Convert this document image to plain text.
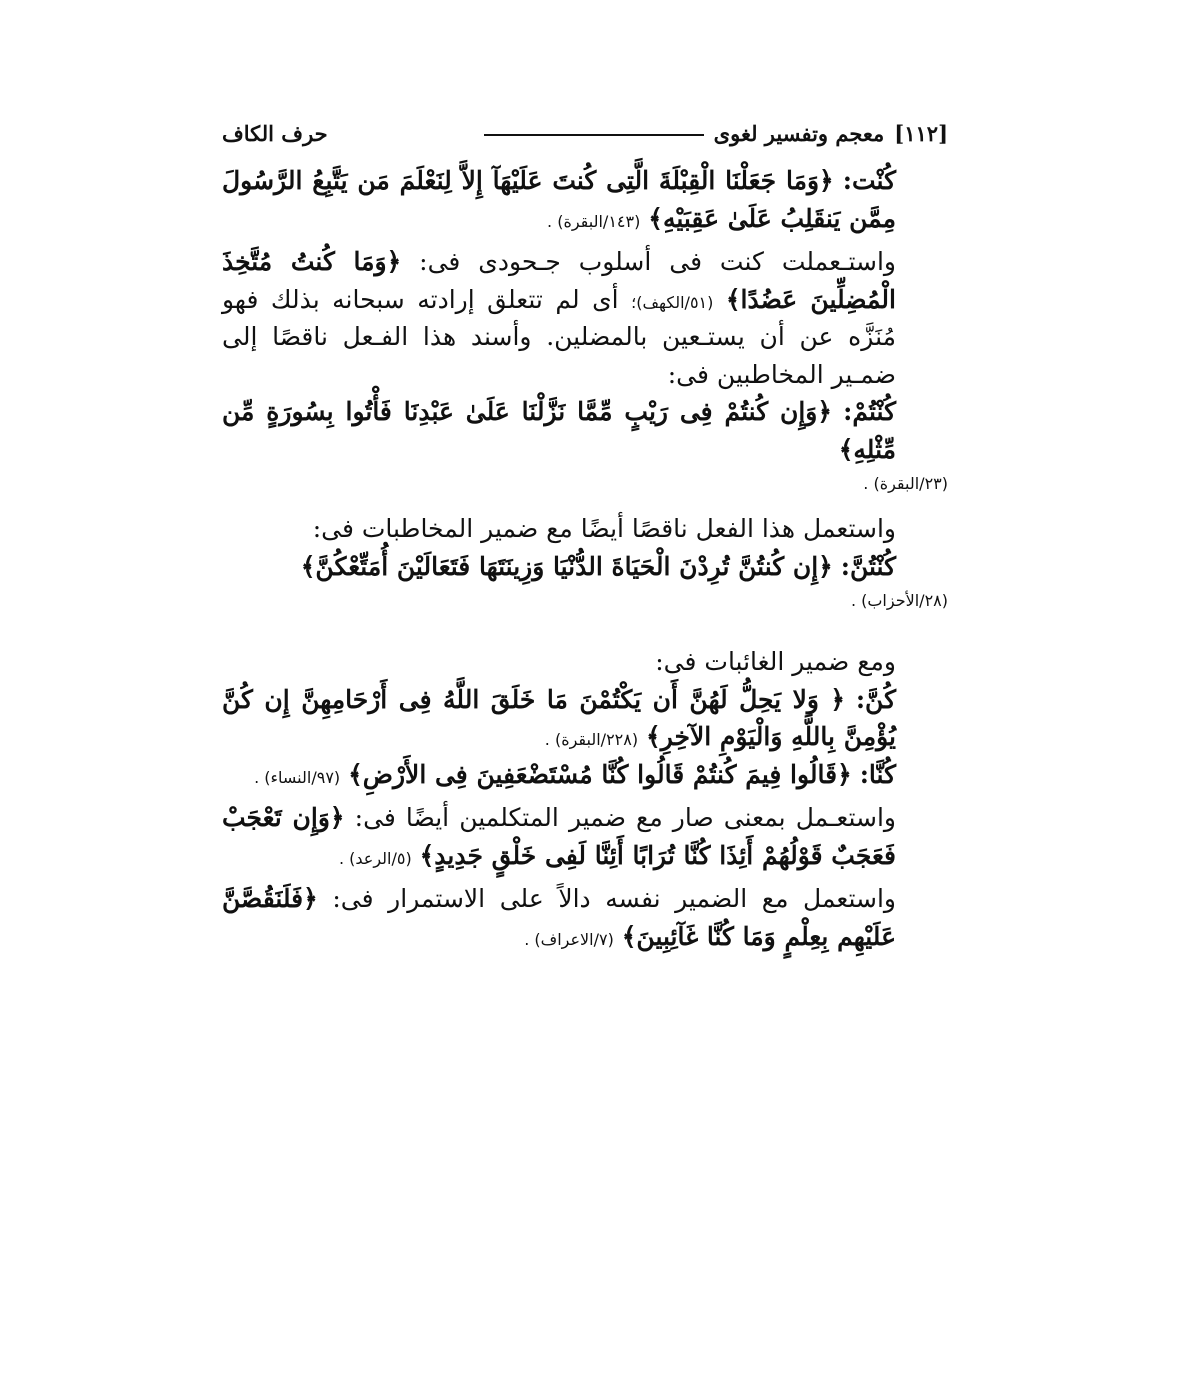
[١١٢]
معجم وتفسير لغوى
حرف الكاف

كُنْت: ﴿وَمَا جَعَلْنَا الْقِبْلَةَ الَّتِى كُنتَ عَلَيْهَآ إِلاَّ لِنَعْلَمَ مَن يَتَّبِعُ الرَّسُولَ مِمَّن يَنقَلِبُ عَلَىٰ عَقِبَيْهِ﴾ (١٤٣/البقرة) .

واستـعملت كنت فى أسلوب جـحودى فى: ﴿وَمَا كُنتُ مُتَّخِذَ الْمُضِلِّينَ عَضُدًا﴾ (٥١/الكهف)؛ أى لم تتعلق إرادته سبحانه بذلك فهو مُنَزَّه عن أن يستـعين بالمضلين. وأسند هذا الفـعل ناقصًا إلى ضمـير المخاطبين فى:

كُنْتُمْ: ﴿وَإِن كُنتُمْ فِى رَيْبٍ مِّمَّا نَزَّلْنَا عَلَىٰ عَبْدِنَا فَأْتُوا بِسُورَةٍ مِّن مِّثْلِهِ﴾

(٢٣/البقرة) .

واستعمل هذا الفعل ناقصًا أيضًا مع ضمير المخاطبات فى:

كُنْتُنَّ: ﴿إِن كُنتُنَّ تُرِدْنَ الْحَيَاةَ الدُّنْيَا وَزِينَتَهَا فَتَعَالَيْنَ أُمَتِّعْكُنَّ﴾

(٢٨/الأحزاب) .

ومع ضمير الغائبات فى:

كُنَّ: ﴿ وَلا يَحِلُّ لَهُنَّ أَن يَكْتُمْنَ مَا خَلَقَ اللَّهُ فِى أَرْحَامِهِنَّ إِن كُنَّ يُؤْمِنَّ بِاللَّهِ وَالْيَوْمِ الآخِرِ﴾ (٢٢٨/البقرة) .

كُنَّا: ﴿قَالُوا فِيمَ كُنتُمْ قَالُوا كُنَّا مُسْتَضْعَفِينَ فِى الأَرْضِ﴾ (٩٧/النساء) .

واستعـمل بمعنى صار مع ضمير المتكلمين أيضًا فى: ﴿وَإِن تَعْجَبْ فَعَجَبٌ قَوْلُهُمْ أَئِذَا كُنَّا تُرَابًا أَئِنَّا لَفِى خَلْقٍ جَدِيدٍ﴾ (٥/الرعد) .

واستعمل مع الضمير نفسه دالاً على الاستمرار فى: ﴿فَلَنَقُصَّنَّ عَلَيْهِم بِعِلْمٍ وَمَا كُنَّا غَآئِبِينَ﴾ (٧/الاعراف) .
